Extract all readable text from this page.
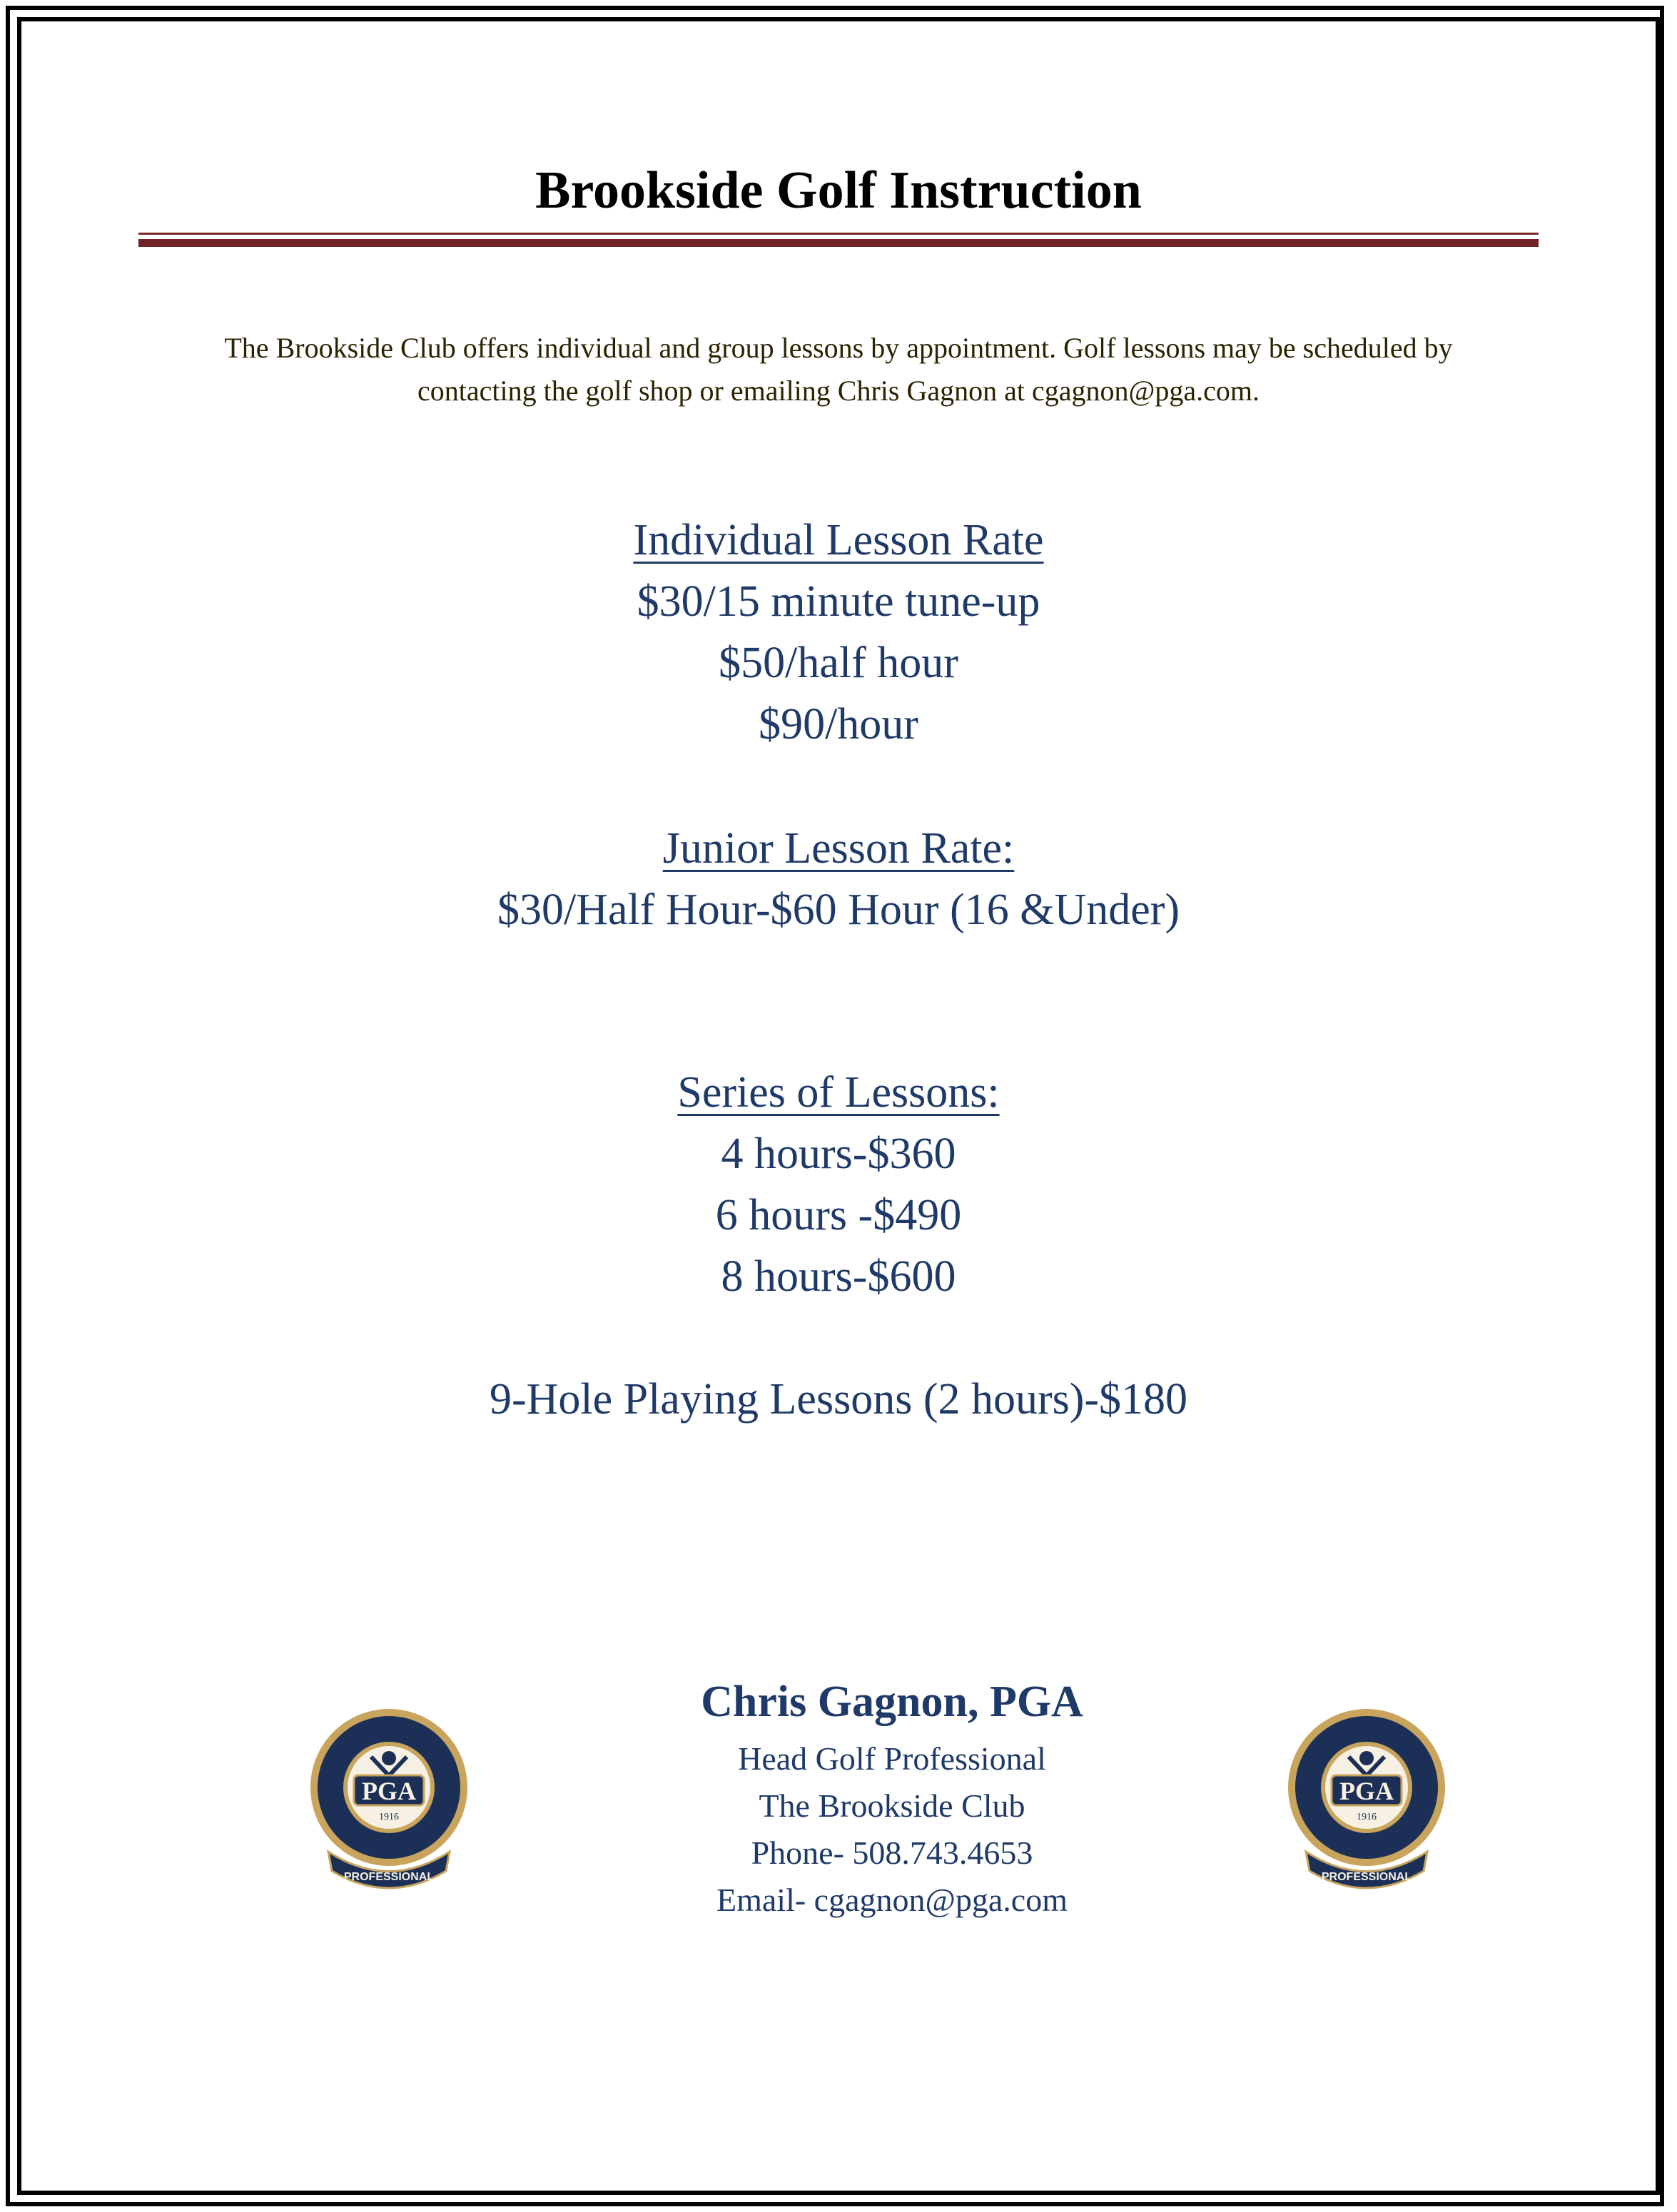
Brookside Golf Instruction

The Brookside Club offers individual and group lessons by appointment. Golf lessons may be scheduled by

contacting the golf shop or emailing Chris Gagnon at cgagnon@pga.com.

Individual Lesson Rate
$30/15 minute tune-up
$50/half hour
$90/hour
Junior Lesson Rate:
$30/Half Hour-$60 Hour (16 &Under)
Series of Lessons:
4 hours-$360
6 hours -$490
8 hours-$600
9-Hole Playing Lessons (2 hours)-$180
Chris Gagnon, PGA
Head Golf Professional
The Brookside Club
Phone- 508.743.4653
Email- cgagnon@pga.com
PGA
1916
PROFESSIONAL
PGA
1916
PROFESSIONAL
